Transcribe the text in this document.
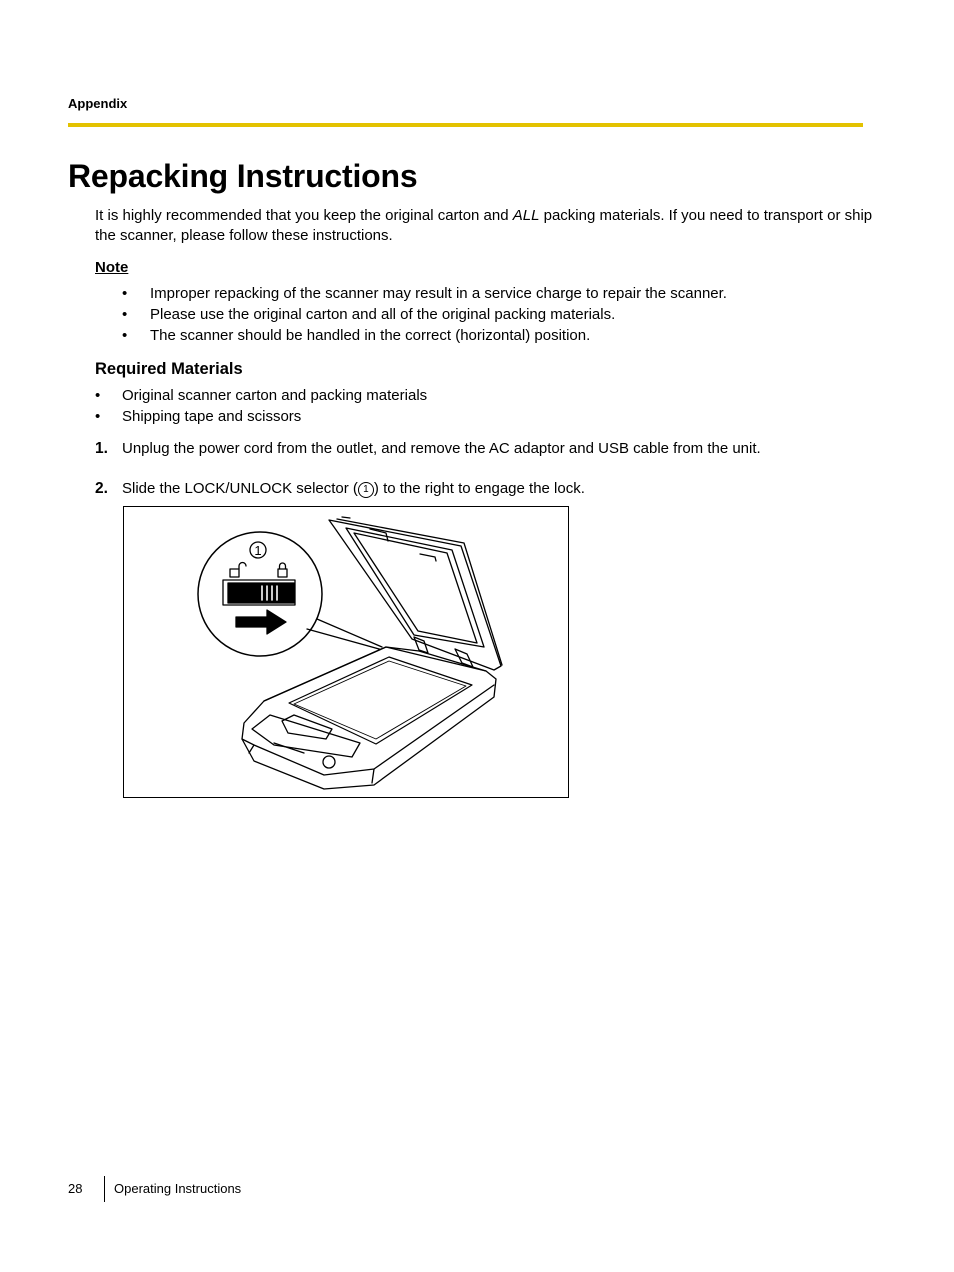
Appendix
Repacking Instructions
It is highly recommended that you keep the original carton and ALL packing materials. If you need to transport or ship the scanner, please follow these instructions.
Note
• Improper repacking of the scanner may result in a service charge to repair the scanner.
• Please use the original carton and all of the original packing materials.
• The scanner should be handled in the correct (horizontal) position.
Required Materials
• Original scanner carton and packing materials
• Shipping tape and scissors
1. Unplug the power cord from the outlet, and remove the AC adaptor and USB cable from the unit.
2. Slide the LOCK/UNLOCK selector ( 1 ) to the right to engage the lock.
1
28 Operating Instructions
